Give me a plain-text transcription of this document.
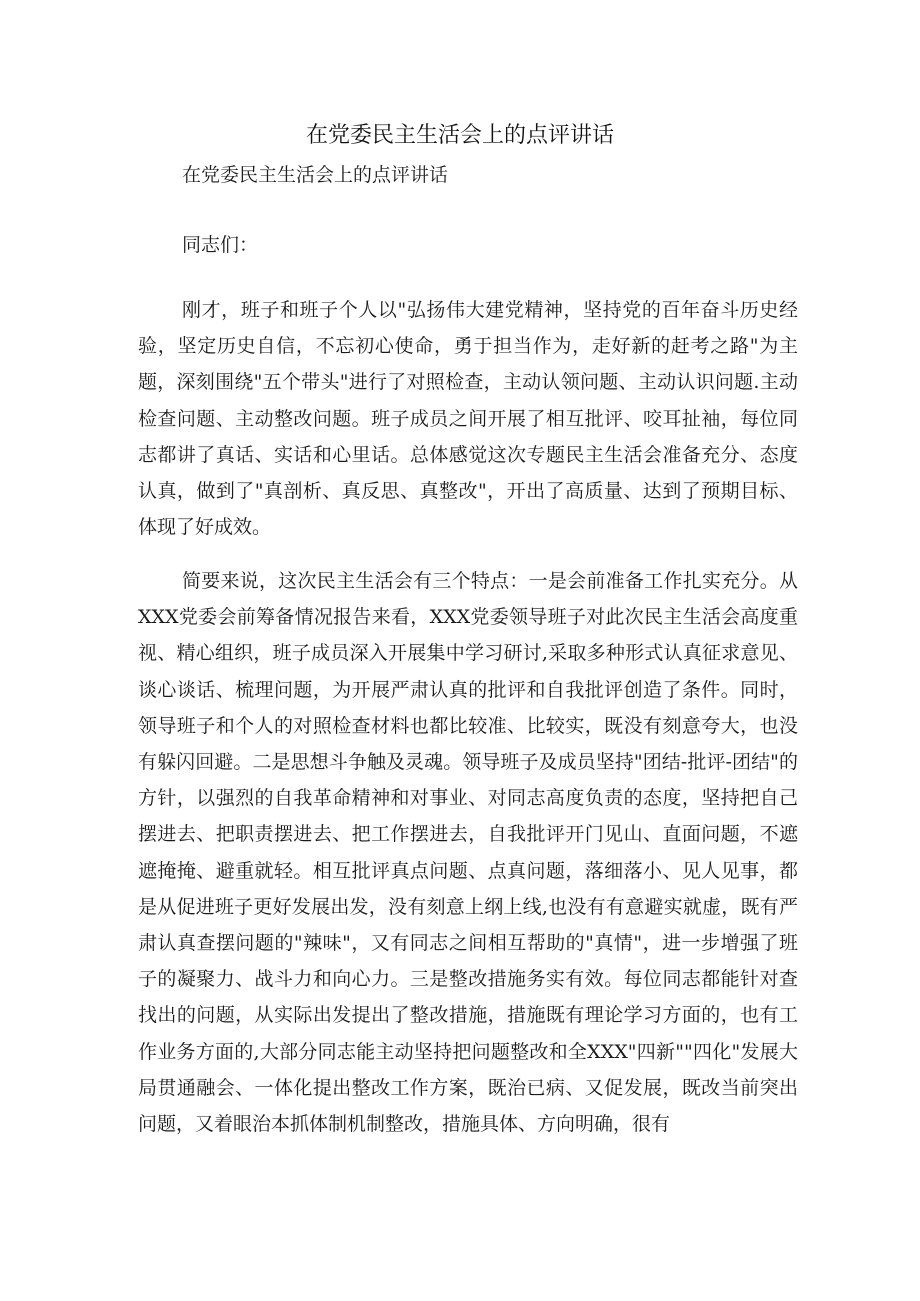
在党委民主生活会上的点评讲话

在党委民主生活会上的点评讲话

同志们：

刚才，班子和班子个人以"弘扬伟大建党精神，坚持党的百年奋斗历史经验，坚定历史自信，不忘初心使命，勇于担当作为，走好新的赶考之路"为主题，深刻围绕"五个带头"进行了对照检查，主动认领问题、主动认识问题.主动检查问题、主动整改问题。班子成员之间开展了相互批评、咬耳扯袖，每位同志都讲了真话、实话和心里话。总体感觉这次专题民主生活会准备充分、态度认真，做到了"真剖析、真反思、真整改"，开出了高质量、达到了预期目标、体现了好成效。

简要来说，这次民主生活会有三个特点：一是会前准备工作扎实充分。从XXX党委会前筹备情况报告来看，XXX党委领导班子对此次民主生活会高度重视、精心组织，班子成员深入开展集中学习研讨,采取多种形式认真征求意见、谈心谈话、梳理问题，为开展严肃认真的批评和自我批评创造了条件。同时，领导班子和个人的对照检查材料也都比较准、比较实，既没有刻意夸大，也没有躲闪回避。二是思想斗争触及灵魂。领导班子及成员坚持"团结-批评-团结"的方针，以强烈的自我革命精神和对事业、对同志高度负责的态度，坚持把自己摆进去、把职责摆进去、把工作摆进去，自我批评开门见山、直面问题，不遮遮掩掩、避重就轻。相互批评真点问题、点真问题，落细落小、见人见事，都是从促进班子更好发展出发，没有刻意上纲上线,也没有有意避实就虚，既有严肃认真查摆问题的"辣味"，又有同志之间相互帮助的"真情"，进一步增强了班子的凝聚力、战斗力和向心力。三是整改措施务实有效。每位同志都能针对查找出的问题，从实际出发提出了整改措施，措施既有理论学习方面的，也有工作业务方面的,大部分同志能主动坚持把问题整改和全XXX"四新""四化"发展大局贯通融会、一体化提出整改工作方案，既治已病、又促发展，既改当前突出问题，又着眼治本抓体制机制整改，措施具体、方向明确，很有
